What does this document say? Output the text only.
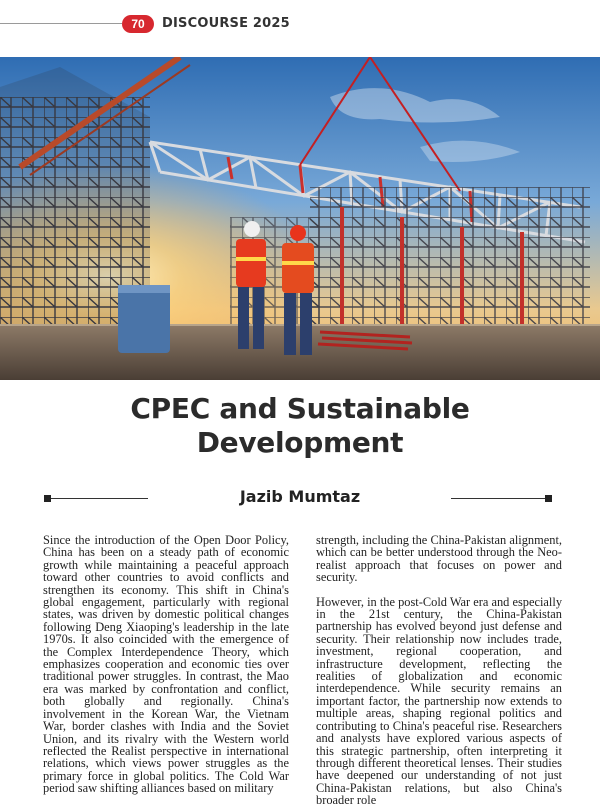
70	DISCOURSE 2025
CPEC and Sustainable
Development
Jazib Mumtaz

Since the introduction of the Open Door Policy, China has been on a steady path of economic growth while maintaining a peaceful approach toward other countries to avoid conflicts and strengthen its economy. This shift in China's global engagement, particularly with regional states, was driven by domestic political changes following Deng Xiaoping's leadership in the late 1970s. It also coincided with the emergence of the Complex Interdependence Theory, which emphasizes cooperation and economic ties over traditional power struggles. In contrast, the Mao era was marked by confrontation and conflict, both globally and regionally. China's involvement in the Korean War, the Vietnam War, border clashes with India and the Soviet Union, and its rivalry with the Western world reflected the Realist perspective in international relations, which views power struggles as the primary force in global politics. The Cold War period saw shifting alliances based on military

strength, including the China-Pakistan alignment, which can be better understood through the Neo-realist approach that focuses on power and security.

However, in the post-Cold War era and especially in the 21st century, the China-Pakistan partnership has evolved beyond just defense and security. Their relationship now includes trade, investment, regional cooperation, and infrastructure development, reflecting the realities of globalization and economic interdependence. While security remains an important factor, the partnership now extends to multiple areas, shaping regional politics and contributing to China's peaceful rise. Researchers and analysts have explored various aspects of this strategic partnership, often interpreting it through different theoretical lenses. Their studies have deepened our understanding of not just China-Pakistan relations, but also China's broader role
